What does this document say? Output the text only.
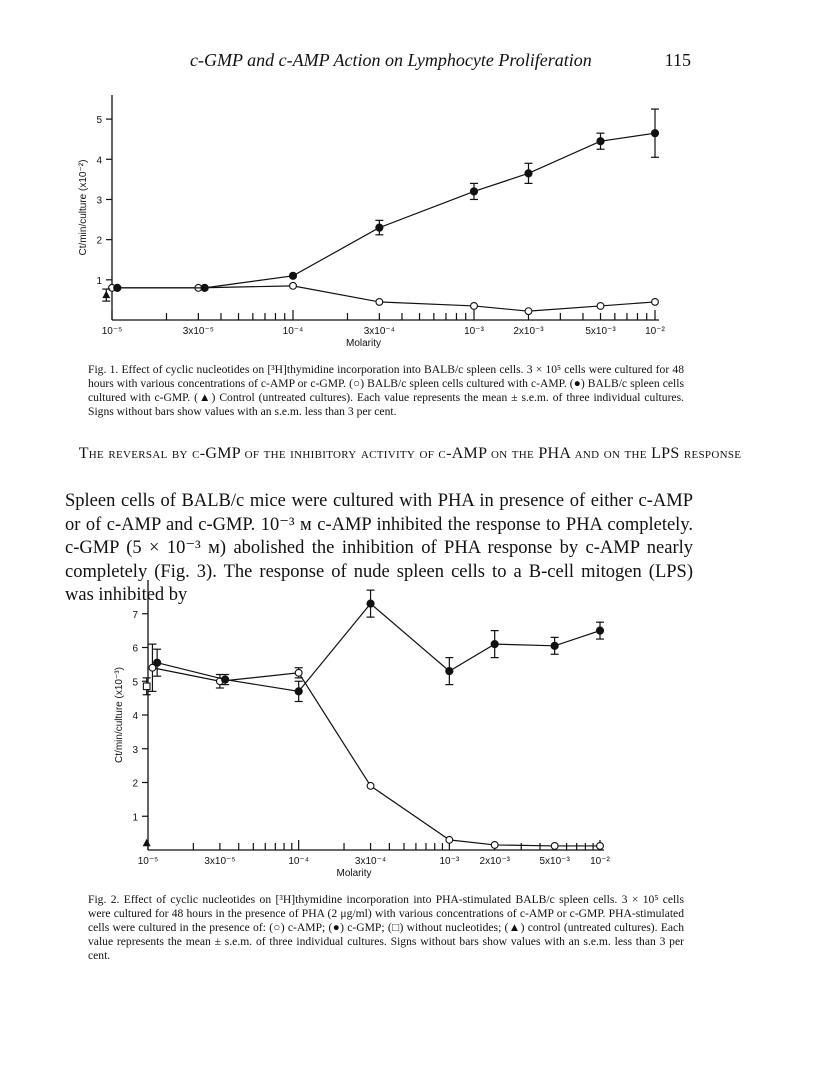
c-GMP and c-AMP Action on Lymphocyte Proliferation	115
1
2
3
4
5
10⁻⁵	3x10⁻⁵	10⁻⁴	3x10⁻⁴	10⁻³	2x10⁻³	5x10⁻³	10⁻²
Molarity
Ct/min/culture (x10⁻²)
Fig. 1. Effect of cyclic nucleotides on [³H]thymidine incorporation into BALB/c spleen cells. 3 × 10⁵ cells were cultured for 48 hours with various concentrations of c-AMP or c-GMP. (○) BALB/c spleen cells cultured with c-AMP. (●) BALB/c spleen cells cultured with c-GMP. (▲) Control (untreated cultures). Each value represents the mean ± s.e.m. of three individual cultures. Signs without bars show values with an s.e.m. less than 3 per cent.
The reversal by c-GMP of the inhibitory activity of c-AMP on the PHA and on the LPS response
Spleen cells of BALB/c mice were cultured with PHA in presence of either c-AMP or of c-AMP and c-GMP. 10⁻³ м c-AMP inhibited the response to PHA completely. c-GMP (5 × 10⁻³ м) abolished the inhibition of PHA response by c-AMP nearly completely (Fig. 3). The response of nude spleen cells to a B-cell mitogen (LPS) was inhibited by
1
2
3
4
5
6
7
10⁻⁵	3x10⁻⁵	10⁻⁴	3x10⁻⁴	10⁻³ 2x10⁻³	5x10⁻³ 10⁻²
Molarity
Ct/min/culture (x10⁻³)
Fig. 2. Effect of cyclic nucleotides on [³H]thymidine incorporation into PHA-stimulated BALB/c spleen cells. 3 × 10⁵ cells were cultured for 48 hours in the presence of PHA (2 μg/ml) with various concentrations of c-AMP or c-GMP. PHA-stimulated cells were cultured in the presence of: (○) c-AMP; (●) c-GMP; (□) without nucleotides; (▲) control (untreated cultures). Each value represents the mean ± s.e.m. of three individual cultures. Signs without bars show values with an s.e.m. less than 3 per cent.
